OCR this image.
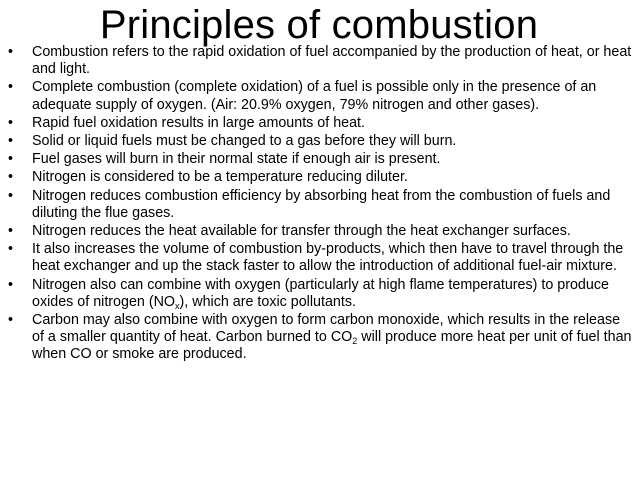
Principles of combustion
•	Combustion refers to the rapid oxidation of fuel accompanied by the production of heat, or heat and light.
•	Complete combustion (complete oxidation) of a fuel is possible only in the presence of an adequate supply of oxygen. (Air: 20.9% oxygen, 79% nitrogen and other gases).
•	Rapid fuel oxidation results in large amounts of heat.
•	Solid or liquid fuels must be changed to a gas before they will burn.
•	Fuel gases will burn in their normal state if enough air is present.
•	Nitrogen is considered to be a temperature reducing diluter.
•	Nitrogen reduces combustion efficiency by absorbing heat from the combustion of fuels and diluting the flue gases.
•	Nitrogen reduces the heat available for transfer through the heat exchanger surfaces.
•	It also increases the volume of combustion by-products, which then have to travel through the heat exchanger and up the stack faster to allow the introduction of additional fuel-air mixture.
•	Nitrogen also can combine with oxygen (particularly at high flame temperatures) to produce oxides of nitrogen $(NO_x)$, which are toxic pollutants.
•	Carbon may also combine with oxygen to form carbon monoxide, which results in the release of a smaller quantity of heat. Carbon burned to $CO_2$ will produce more heat per unit of fuel than when CO or smoke are produced.
